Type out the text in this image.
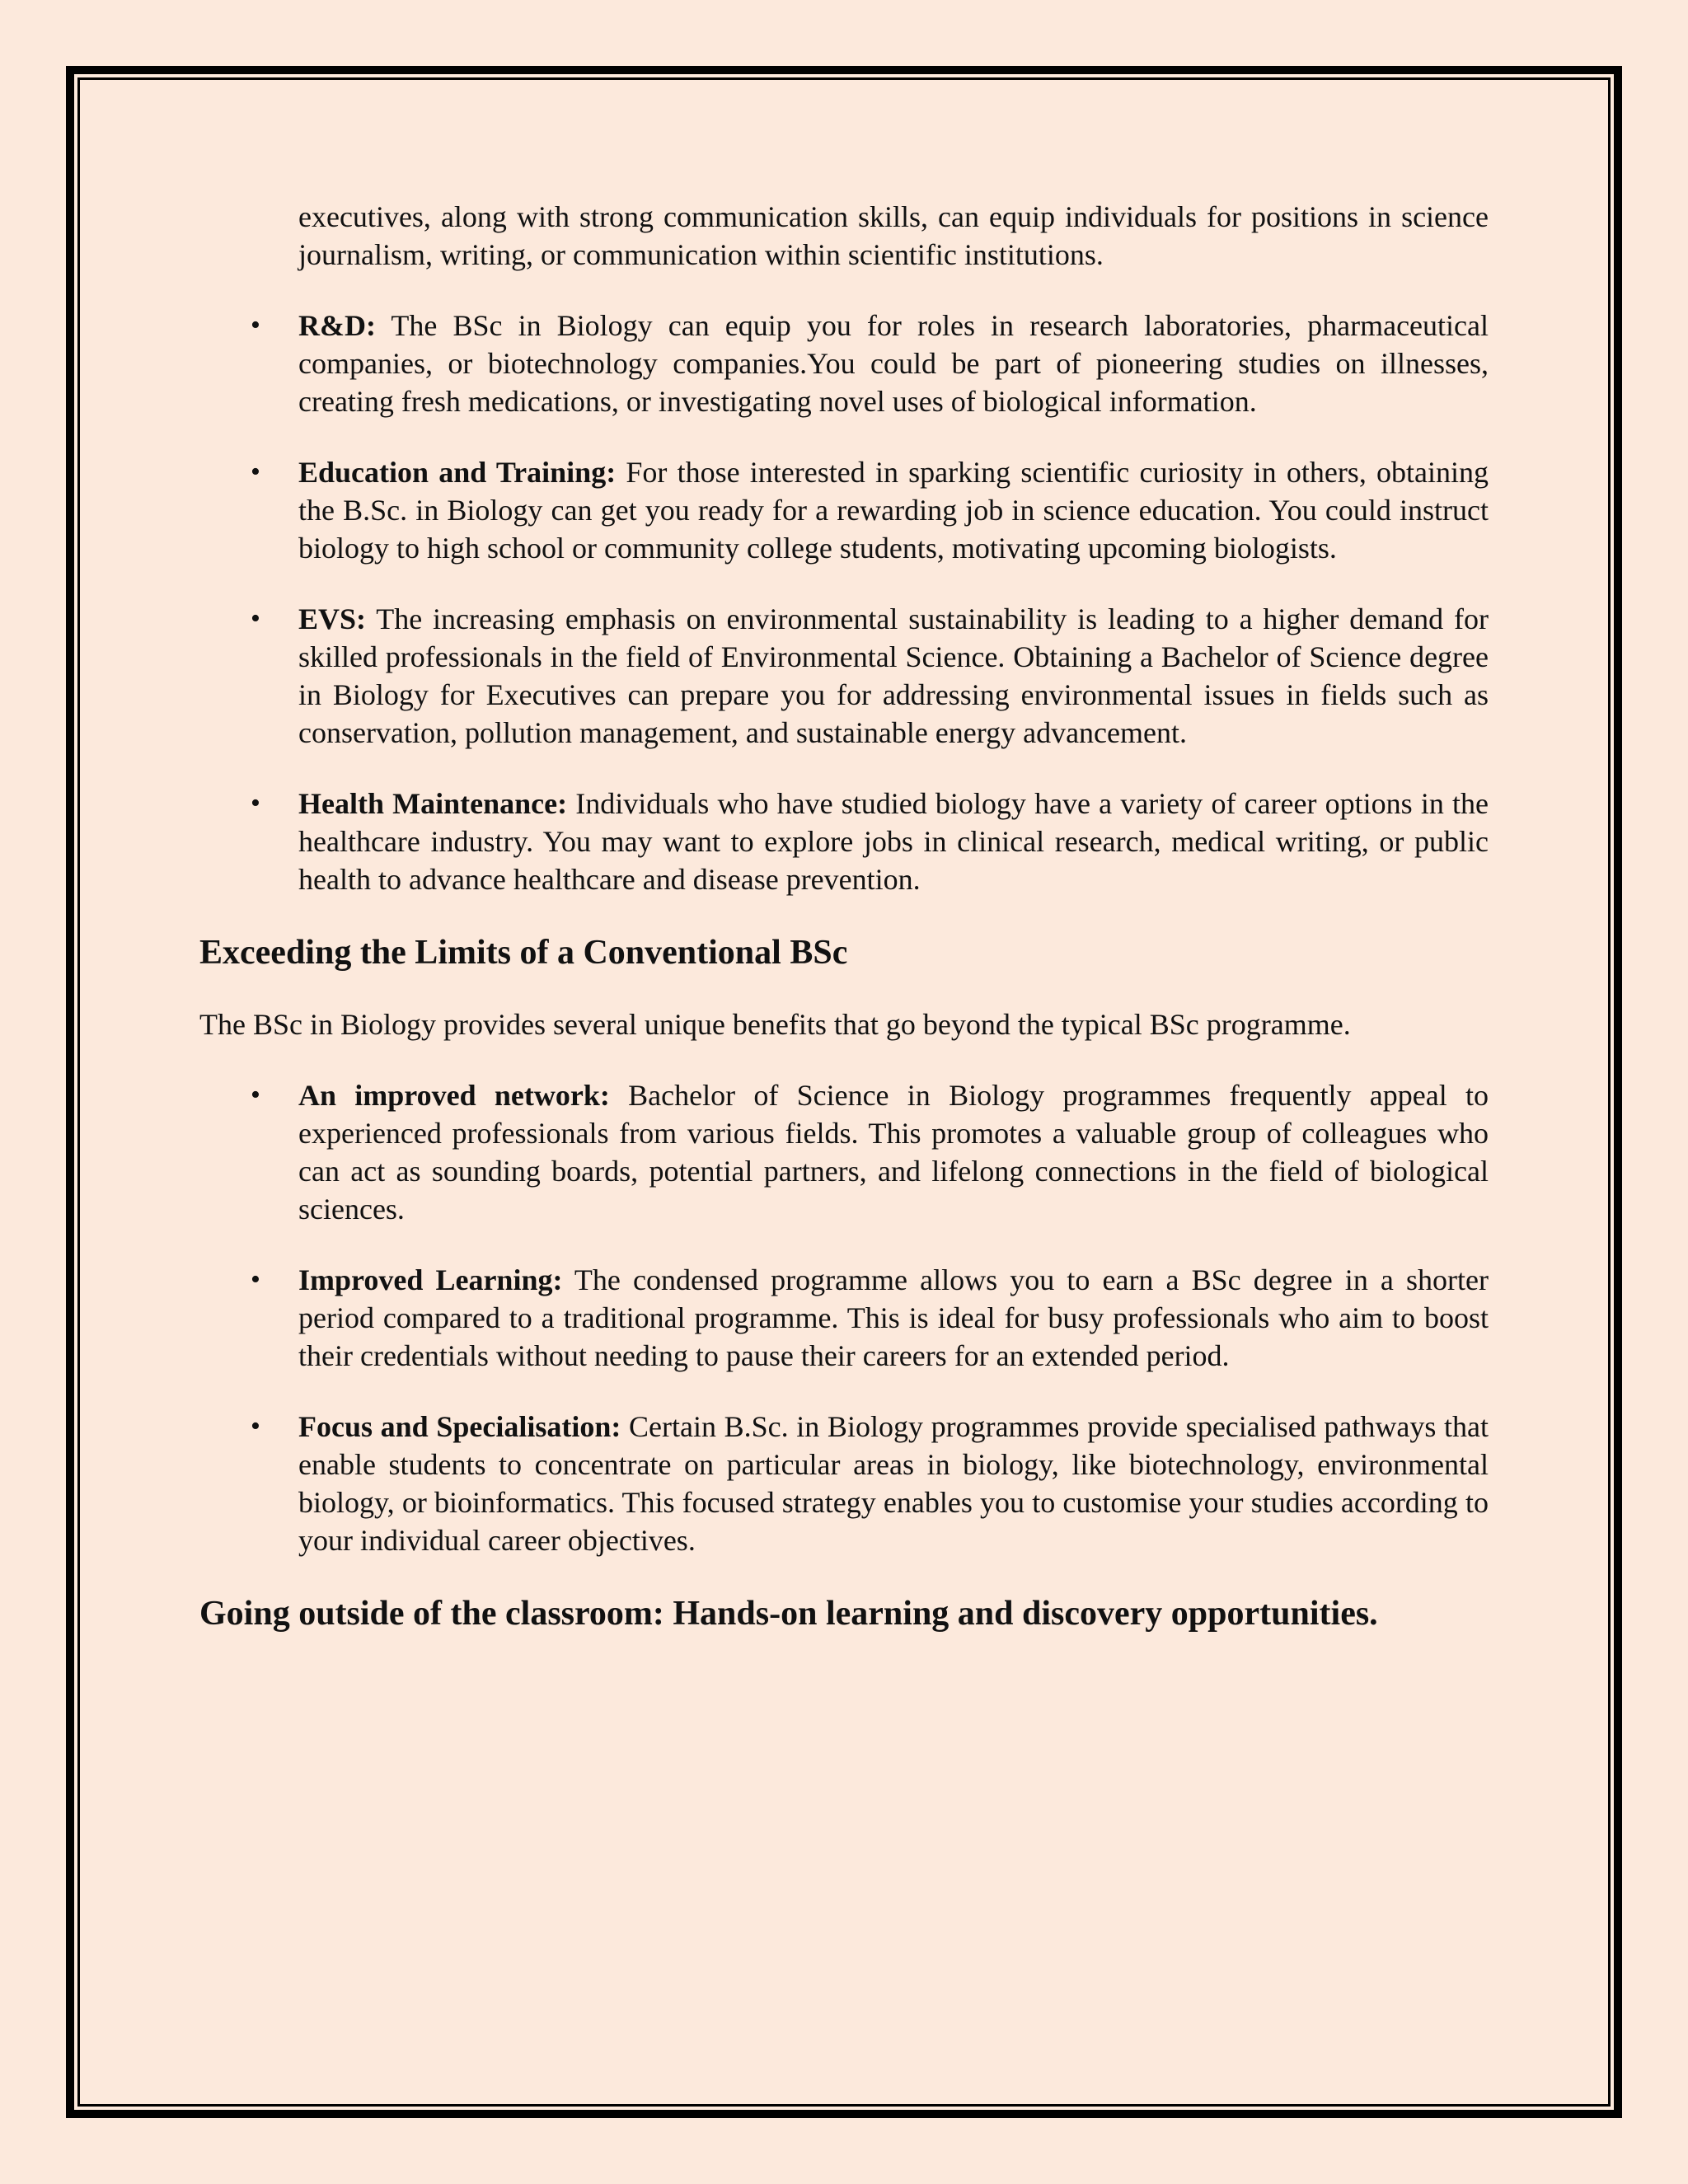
executives, along with strong communication skills, can equip individuals for positions in science journalism, writing, or communication within scientific institutions.

• R&D: The BSc in Biology can equip you for roles in research laboratories, pharmaceutical companies, or biotechnology companies.You could be part of pioneering studies on illnesses, creating fresh medications, or investigating novel uses of biological information.
• Education and Training: For those interested in sparking scientific curiosity in others, obtaining the B.Sc. in Biology can get you ready for a rewarding job in science education. You could instruct biology to high school or community college students, motivating upcoming biologists.
• EVS: The increasing emphasis on environmental sustainability is leading to a higher demand for skilled professionals in the field of Environmental Science. Obtaining a Bachelor of Science degree in Biology for Executives can prepare you for addressing environmental issues in fields such as conservation, pollution management, and sustainable energy advancement.
• Health Maintenance: Individuals who have studied biology have a variety of career options in the healthcare industry. You may want to explore jobs in clinical research, medical writing, or public health to advance healthcare and disease prevention.
Exceeding the Limits of a Conventional BSc

The BSc in Biology provides several unique benefits that go beyond the typical BSc programme.

• An improved network: Bachelor of Science in Biology programmes frequently appeal to experienced professionals from various fields. This promotes a valuable group of colleagues who can act as sounding boards, potential partners, and lifelong connections in the field of biological sciences.
• Improved Learning: The condensed programme allows you to earn a BSc degree in a shorter period compared to a traditional programme. This is ideal for busy professionals who aim to boost their credentials without needing to pause their careers for an extended period.
• Focus and Specialisation: Certain B.Sc. in Biology programmes provide specialised pathways that enable students to concentrate on particular areas in biology, like biotechnology, environmental biology, or bioinformatics. This focused strategy enables you to customise your studies according to your individual career objectives.
Going outside of the classroom: Hands-on learning and discovery opportunities.
